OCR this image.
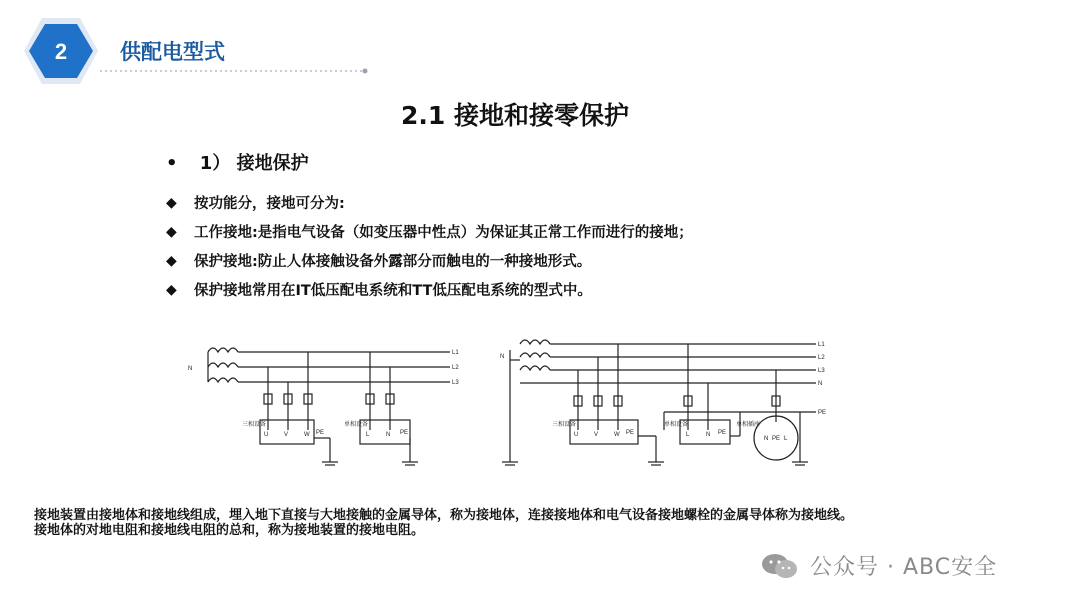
2	供配电型式
2.1 接地和接零保护
• 1） 接地保护
◆	按功能分，接地可分为:
◆	工作接地:是指电气设备（如变压器中性点）为保证其正常工作而进行的接地；
◆	保护接地:防止人体接触设备外露部分而触电的一种接地形式。
◆	保护接地常用在IT低压配电系统和TT低压配电系统的型式中。
L1
L2
L3
N
三相设备
U	V	W PE
单相设备
L	N PE
L1
L2
L3
N
PE
N
三相设备
U	V	W PE
单相设备
L	N PE
单相插座
N PE L
接地装置由接地体和接地线组成，埋入地下直接与大地接触的金属导体，称为接地体，连接接地体和电气设备接地螺栓的金属导体称为接地线。
接地体的对地电阻和接地线电阻的总和，称为接地装置的接地电阻。
公众号 · ABC安全
